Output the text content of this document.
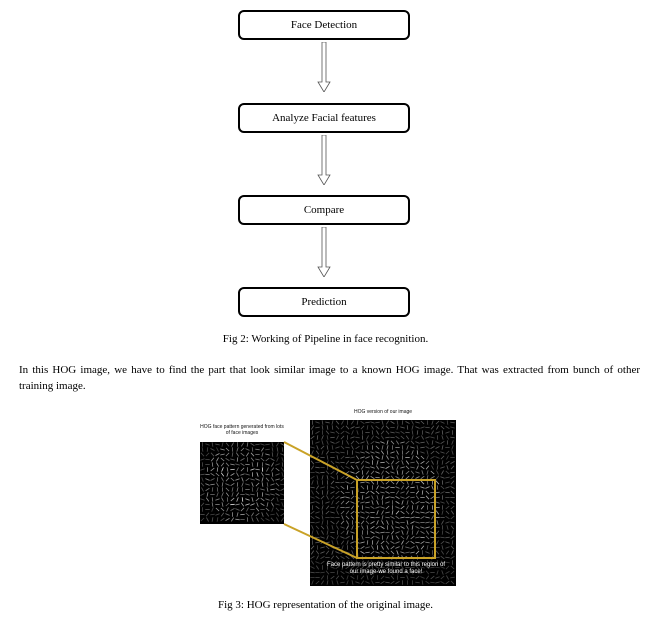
Face Detection
Analyze Facial features
Compare
Prediction
Fig 2: Working of Pipeline in face recognition.
In this HOG image, we have to find the part that look similar image to a known HOG image. That was extracted from bunch of other training image.
HOG face pattern generated from lots of face images
HOG version of our image
Face pattern is pretty similar to this region of our image-we found a face!
Fig 3: HOG representation of the original image.
